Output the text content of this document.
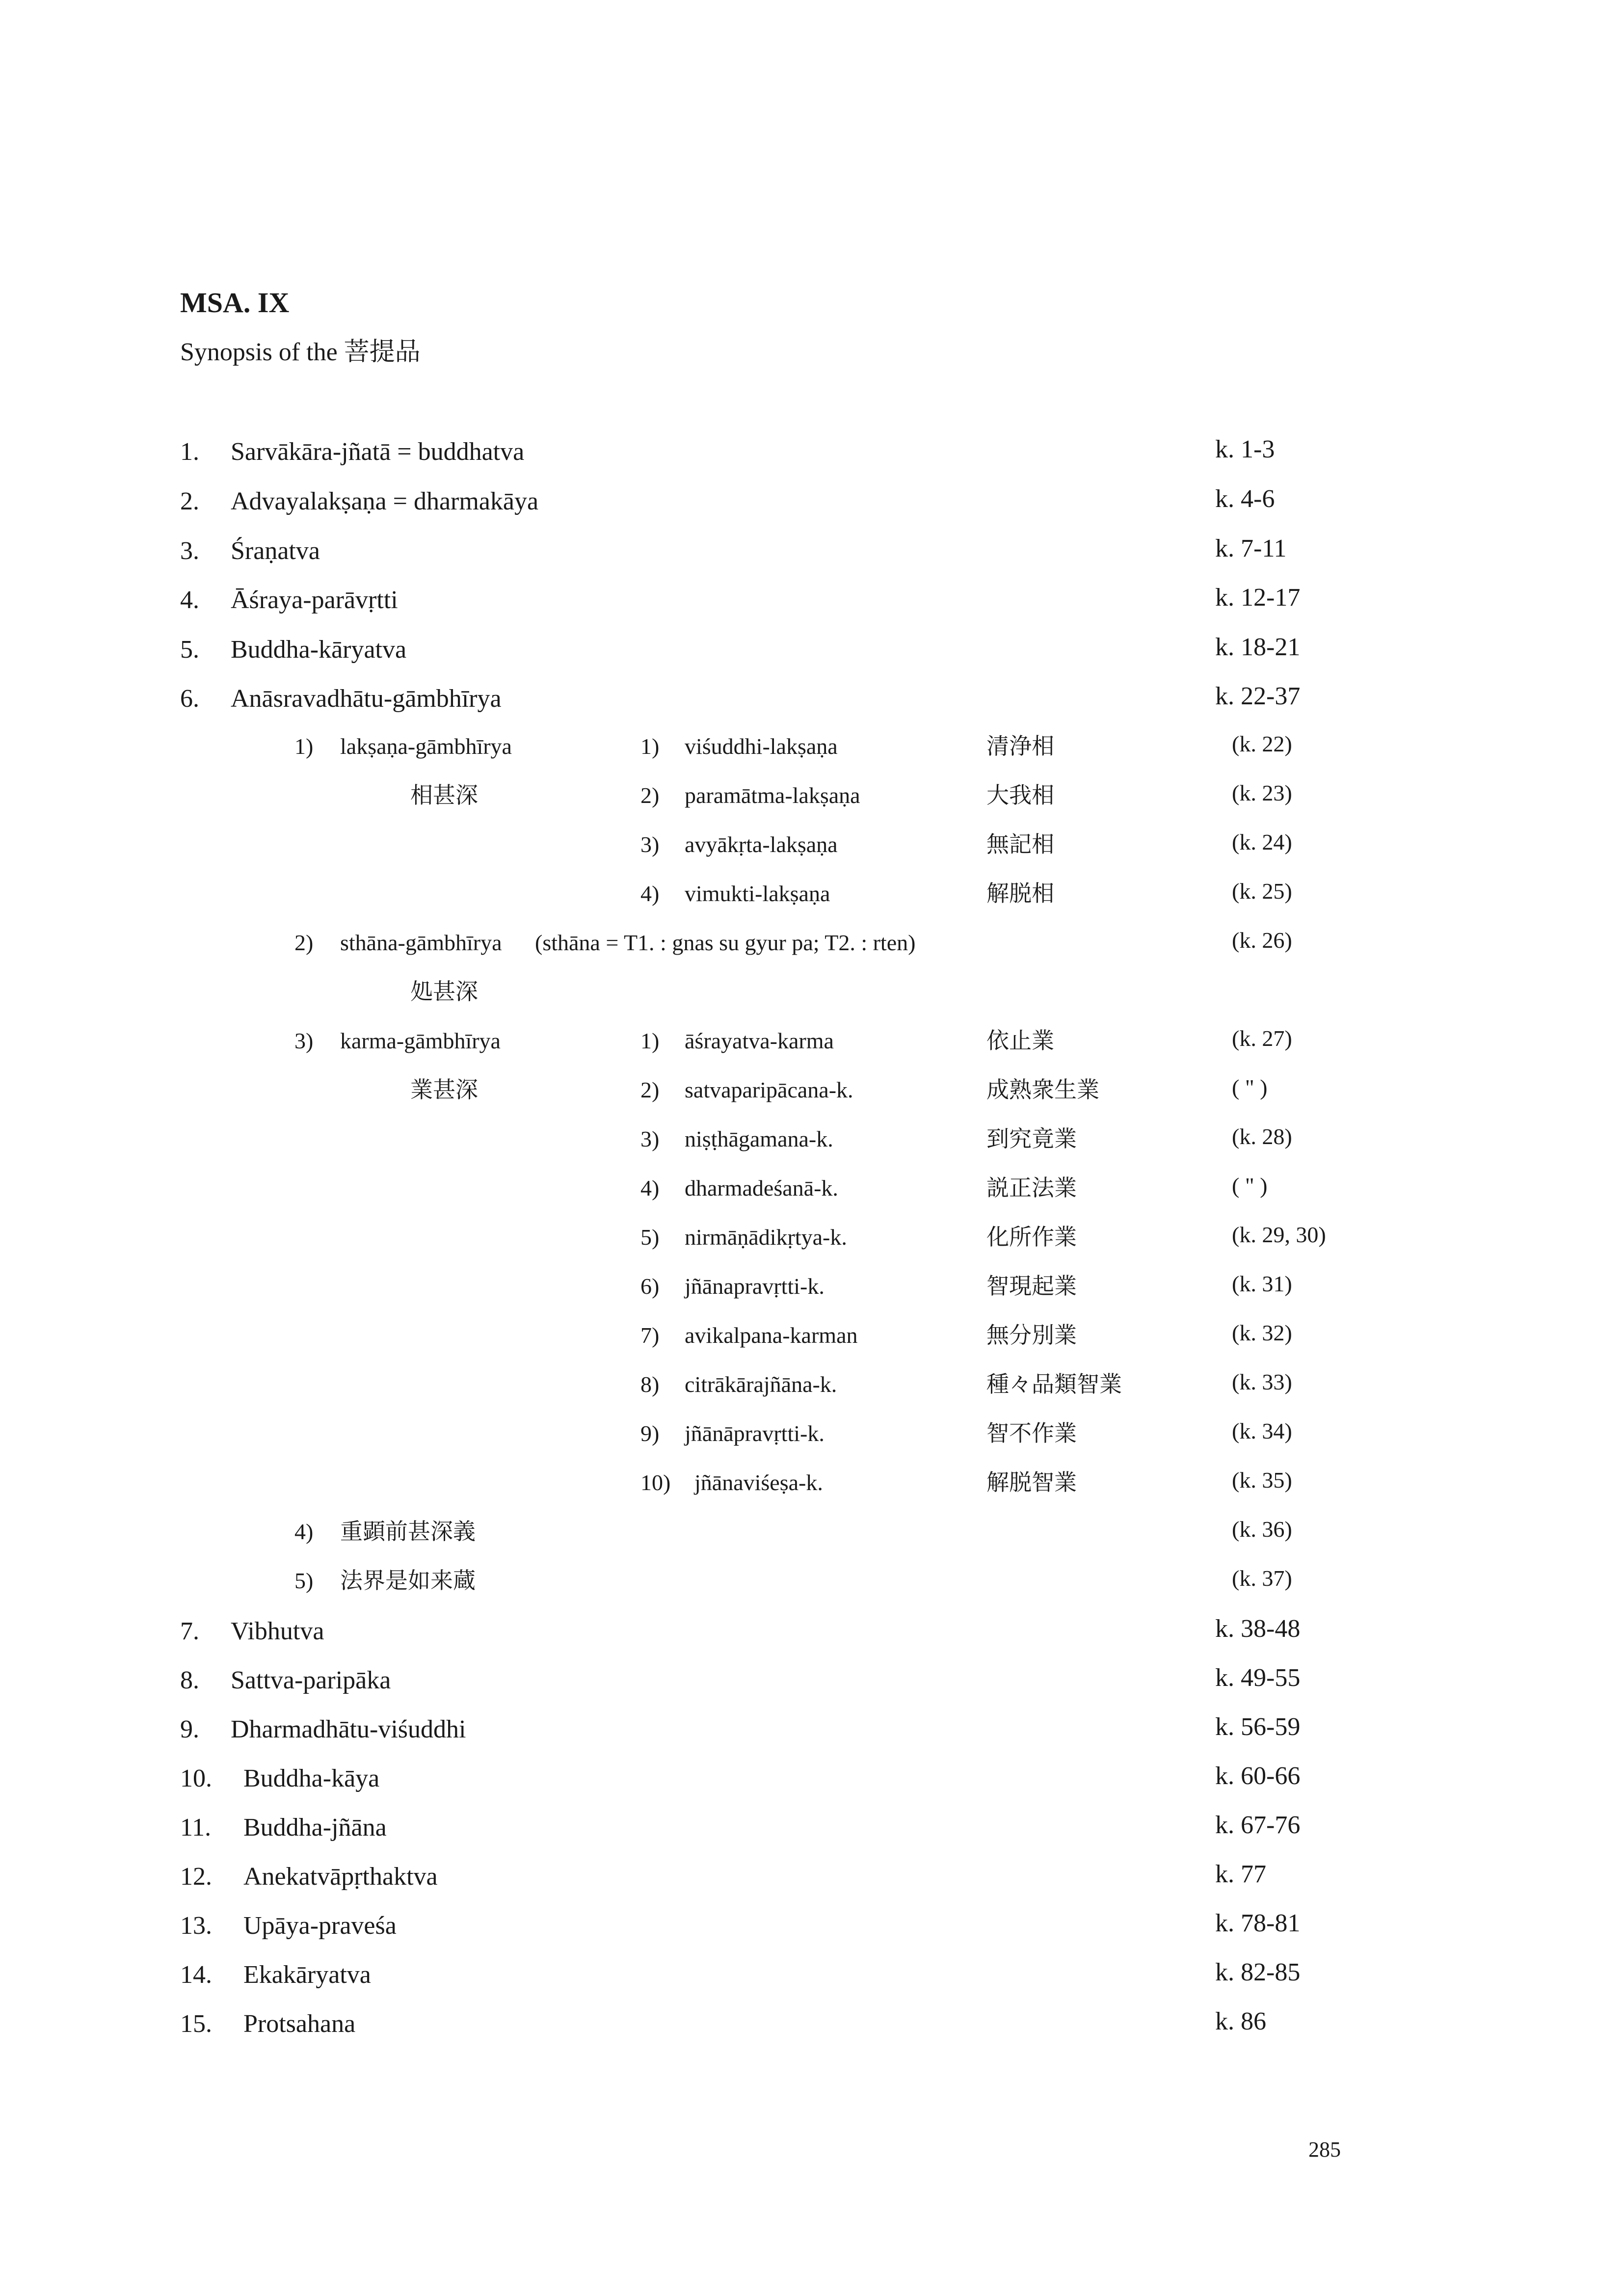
MSA. IX
Synopsis of the 菩提品
1. Sarvākāra-jñatā = buddhatva	k. 1-3
2. Advayalakṣaṇa = dharmakāya	k. 4-6
3. Śraṇatva	k. 7-11
4. Āśraya-parāvṛtti	k. 12-17
5. Buddha-kāryatva	k. 18-21
6. Anāsravadhātu-gāmbhīrya	k. 22-37
1) lakṣaṇa-gāmbhīrya
相甚深
1) viśuddhi-lakṣaṇa	清浄相	(k. 22)
2) paramātma-lakṣaṇa	大我相	(k. 23)
3) avyākṛta-lakṣaṇa	無記相	(k. 24)
4) vimukti-lakṣaṇa	解脱相	(k. 25)
2) sthāna-gāmbhīrya (sthāna = T1. : gnas su gyur pa; T2. : rten)	(k. 26)
処甚深
3) karma-gāmbhīrya
業甚深
1) āśrayatva-karma	依止業	(k. 27)
2) satvaparipācana-k.	成熟衆生業	( " )
3) niṣṭhāgamana-k.	到究竟業	(k. 28)
4) dharmadeśanā-k.	説正法業	( " )
5) nirmāṇādikṛtya-k.	化所作業	(k. 29, 30)
6) jñānapravṛtti-k.	智現起業	(k. 31)
7) avikalpana-karman	無分別業	(k. 32)
8) citrākārajñāna-k.	種々品類智業	(k. 33)
9) jñānāpravṛtti-k.	智不作業	(k. 34)
10) jñānaviśeṣa-k.	解脱智業	(k. 35)
4) 重顕前甚深義	(k. 36)
5) 法界是如来蔵	(k. 37)
7. Vibhutva	k. 38-48
8. Sattva-paripāka	k. 49-55
9. Dharmadhātu-viśuddhi	k. 56-59
10. Buddha-kāya	k. 60-66
11. Buddha-jñāna	k. 67-76
12. Anekatvāpṛthaktva	k. 77
13. Upāya-praveśa	k. 78-81
14. Ekakāryatva	k. 82-85
15. Protsahana	k. 86
285
